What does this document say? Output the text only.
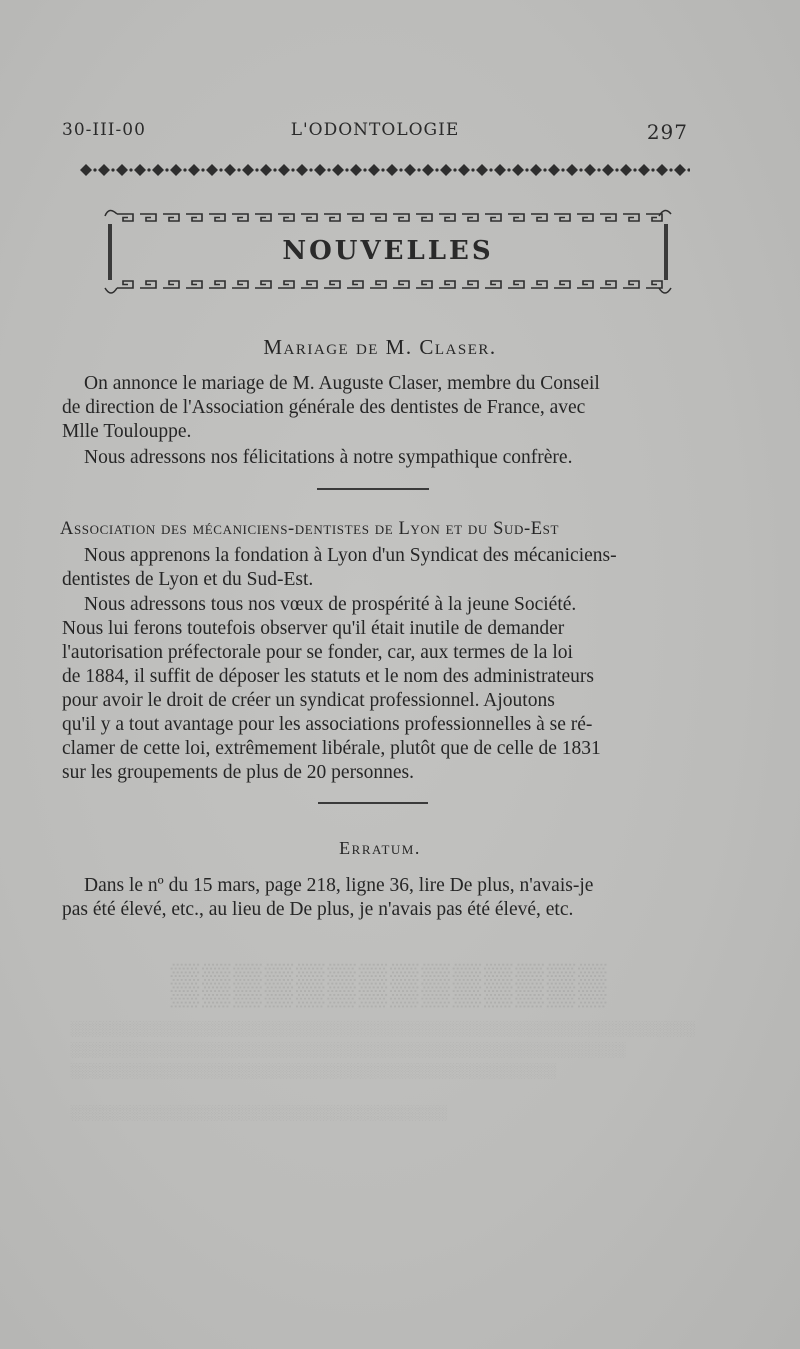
▒▒▒▒▒▒▒▒▒▒▒▒▒▒
░░░░░░░░░░░░░░░░░░░░░░░░░░░░░░░░░░░░░░░░░░░░░░░░░░░░░░░░░░░░░░░
░░░░░░░░░░░░░░░░░░░░░░░░░░░░░░░░░░░░░░░░░░░░░░░░░░░░░░░░
░░░░░░░░░░░░░░░░░░░░░░░░░░░░░░░░░░░░░░░░░░░░░░░░░

░░░░░░░░░░░░░░░░░░░░░░░░░░░░░░░░░░░░░░
30-III-00	L'ODONTOLOGIE	297
NOUVELLES
Mariage de M. Claser.

On annonce le mariage de M. Auguste Claser, membre du Conseil
de direction de l'Association générale des dentistes de France, avec
Mlle Toulouppe.

Nous adressons nos félicitations à notre sympathique confrère.

Association des mécaniciens-dentistes de Lyon et du Sud-Est

Nous apprenons la fondation à Lyon d'un Syndicat des mécaniciens-
dentistes de Lyon et du Sud-Est.

Nous adressons tous nos vœux de prospérité à la jeune Société.
Nous lui ferons toutefois observer qu'il était inutile de demander
l'autorisation préfectorale pour se fonder, car, aux termes de la loi
de 1884, il suffit de déposer les statuts et le nom des administrateurs
pour avoir le droit de créer un syndicat professionnel. Ajoutons
qu'il y a tout avantage pour les associations professionnelles à se ré-
clamer de cette loi, extrêmement libérale, plutôt que de celle de 1831
sur les groupements de plus de 20 personnes.

Erratum.

Dans le nº du 15 mars, page 218, ligne 36, lire De plus, n'avais-je
pas été élevé, etc., au lieu de De plus, je n'avais pas été élevé, etc.
